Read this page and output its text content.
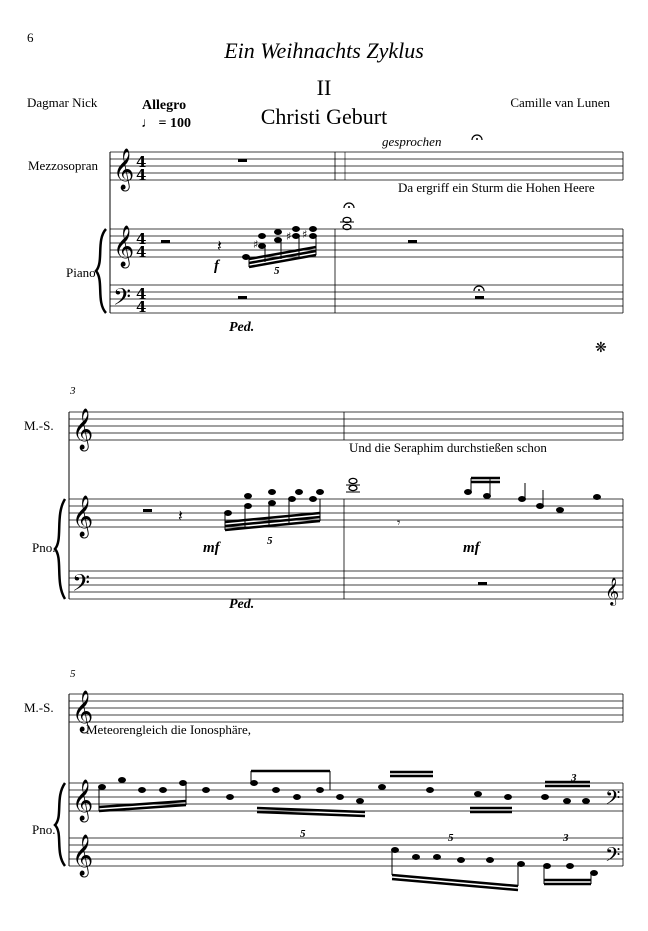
6
Ein Weihnachts Zyklus
II
Christi Geburt
Dagmar Nick	Camille van Lunen
Allegro
♩ = 100
Mezzosopran
Piano
gesprochen
Da ergriff ein Sturm die Hohen Heere
f	5
Ped.
❋
3
M.-S.
Pno.
Und die Seraphim durchstießen schon
mf	mf
5
Ped.
5
M.-S.
Pno.
Meteorengleich die Ionosphäre,
5
3
5	3
𝄞
𝄞
𝄢
4
4
4
4
4
4
𝄽	♯
♯ ♯
𝄞
𝄞
𝄢	𝄞
𝄽	𝄾
𝄞
𝄞
𝄞
𝄢
𝄢
